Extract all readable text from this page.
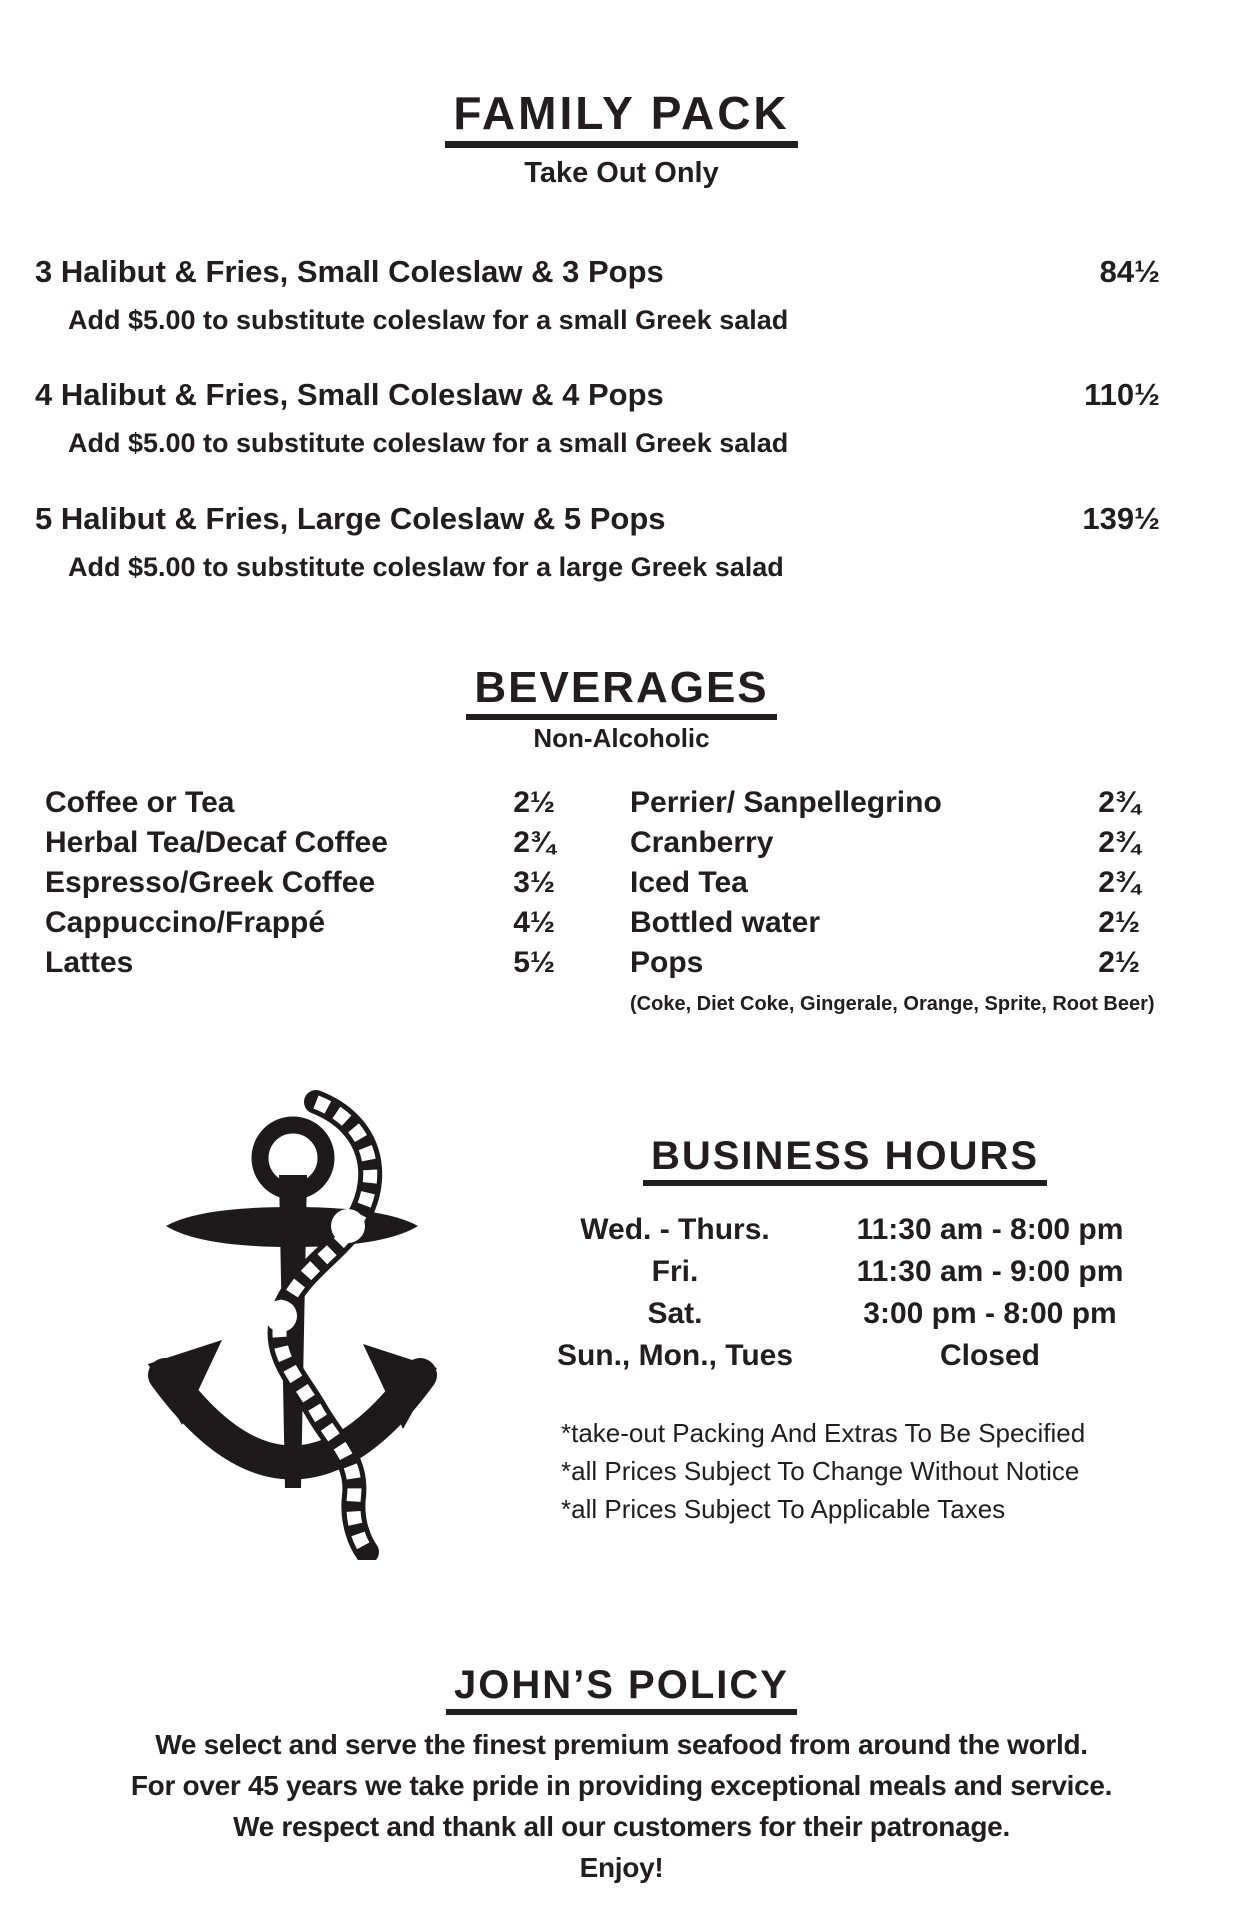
FAMILY PACK
Take Out Only
3 Halibut & Fries, Small Coleslaw & 3 Pops	84½
Add $5.00 to substitute coleslaw for a small Greek salad
4 Halibut & Fries, Small Coleslaw & 4 Pops	110½
Add $5.00 to substitute coleslaw for a small Greek salad
5 Halibut & Fries, Large Coleslaw & 5 Pops	139½
Add $5.00 to substitute coleslaw for a large Greek salad
BEVERAGES
Non-Alcoholic
Coffee or Tea	2½
Herbal Tea/Decaf Coffee	2¾
Espresso/Greek Coffee	3½
Cappuccino/Frappé	4½
Lattes	5½
Perrier/ Sanpellegrino	2¾
Cranberry	2¾
Iced Tea	2¾
Bottled water	2½
Pops	2½
(Coke, Diet Coke, Gingerale, Orange, Sprite, Root Beer)
BUSINESS HOURS
Wed. - Thurs.	11:30 am - 8:00 pm
Fri.	11:30 am - 9:00 pm
Sat.	3:00 pm - 8:00 pm
Sun., Mon., Tues	Closed
*take-out Packing And Extras To Be Specified
*all Prices Subject To Change Without Notice
*all Prices Subject To Applicable Taxes
JOHN’S POLICY
We select and serve the finest premium seafood from around the world.
For over 45 years we take pride in providing exceptional meals and service.
We respect and thank all our customers for their patronage.
Enjoy!
